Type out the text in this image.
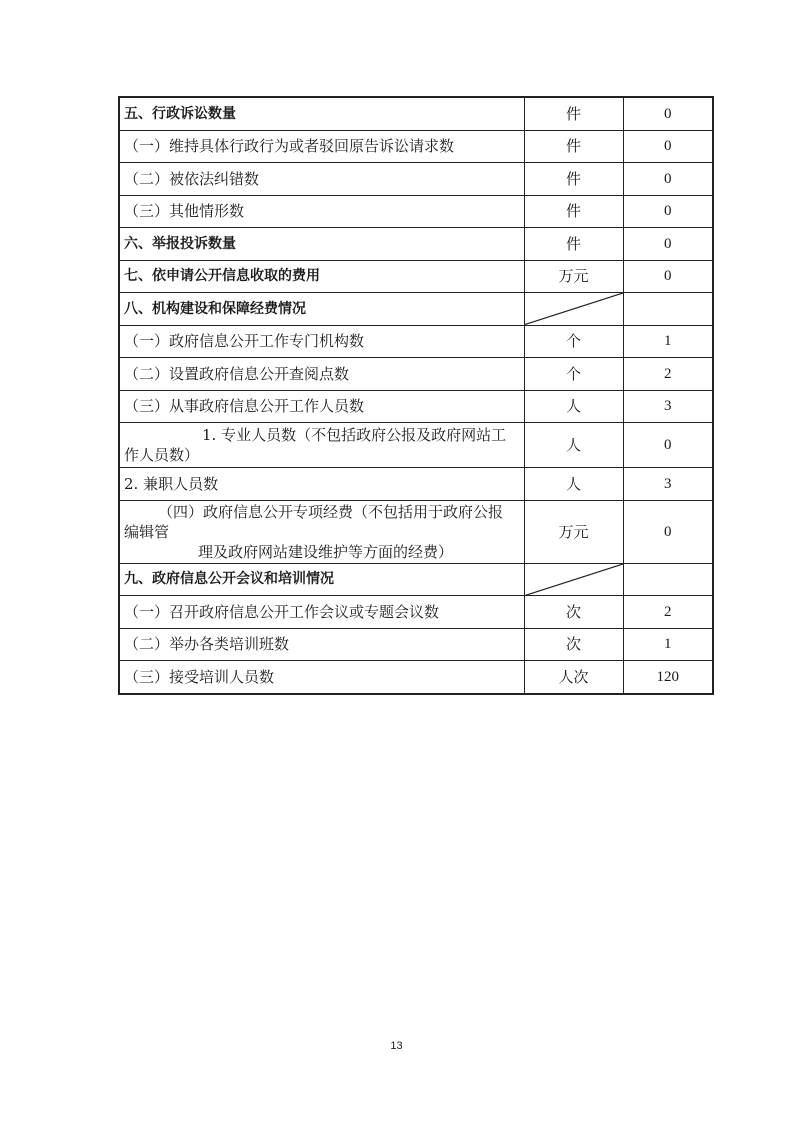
五、行政诉讼数量	件	0
（一）维持具体行政行为或者驳回原告诉讼请求数	件	0
（二）被依法纠错数	件	0
（三）其他情形数	件	0
六、举报投诉数量	件	0
七、依申请公开信息收取的费用	万元	0
八、机构建设和保障经费情况	

（一）政府信息公开工作专门机构数	个	1
（二）设置政府信息公开查阅点数	个	2
（三）从事政府信息公开工作人员数	人	3

1. 专业人员数（不包括政府公报及政府网站工
作人员数）	人	0
2. 兼职人员数	人	3

（四）政府信息公开专项经费（不包括用于政府公报
编辑管
理及政府网站建设维护等方面的经费）	万元	0
九、政府信息公开会议和培训情况	

（一）召开政府信息公开工作会议或专题会议数	次	2
（二）举办各类培训班数	次	1
（三）接受培训人员数	人次	120
13
